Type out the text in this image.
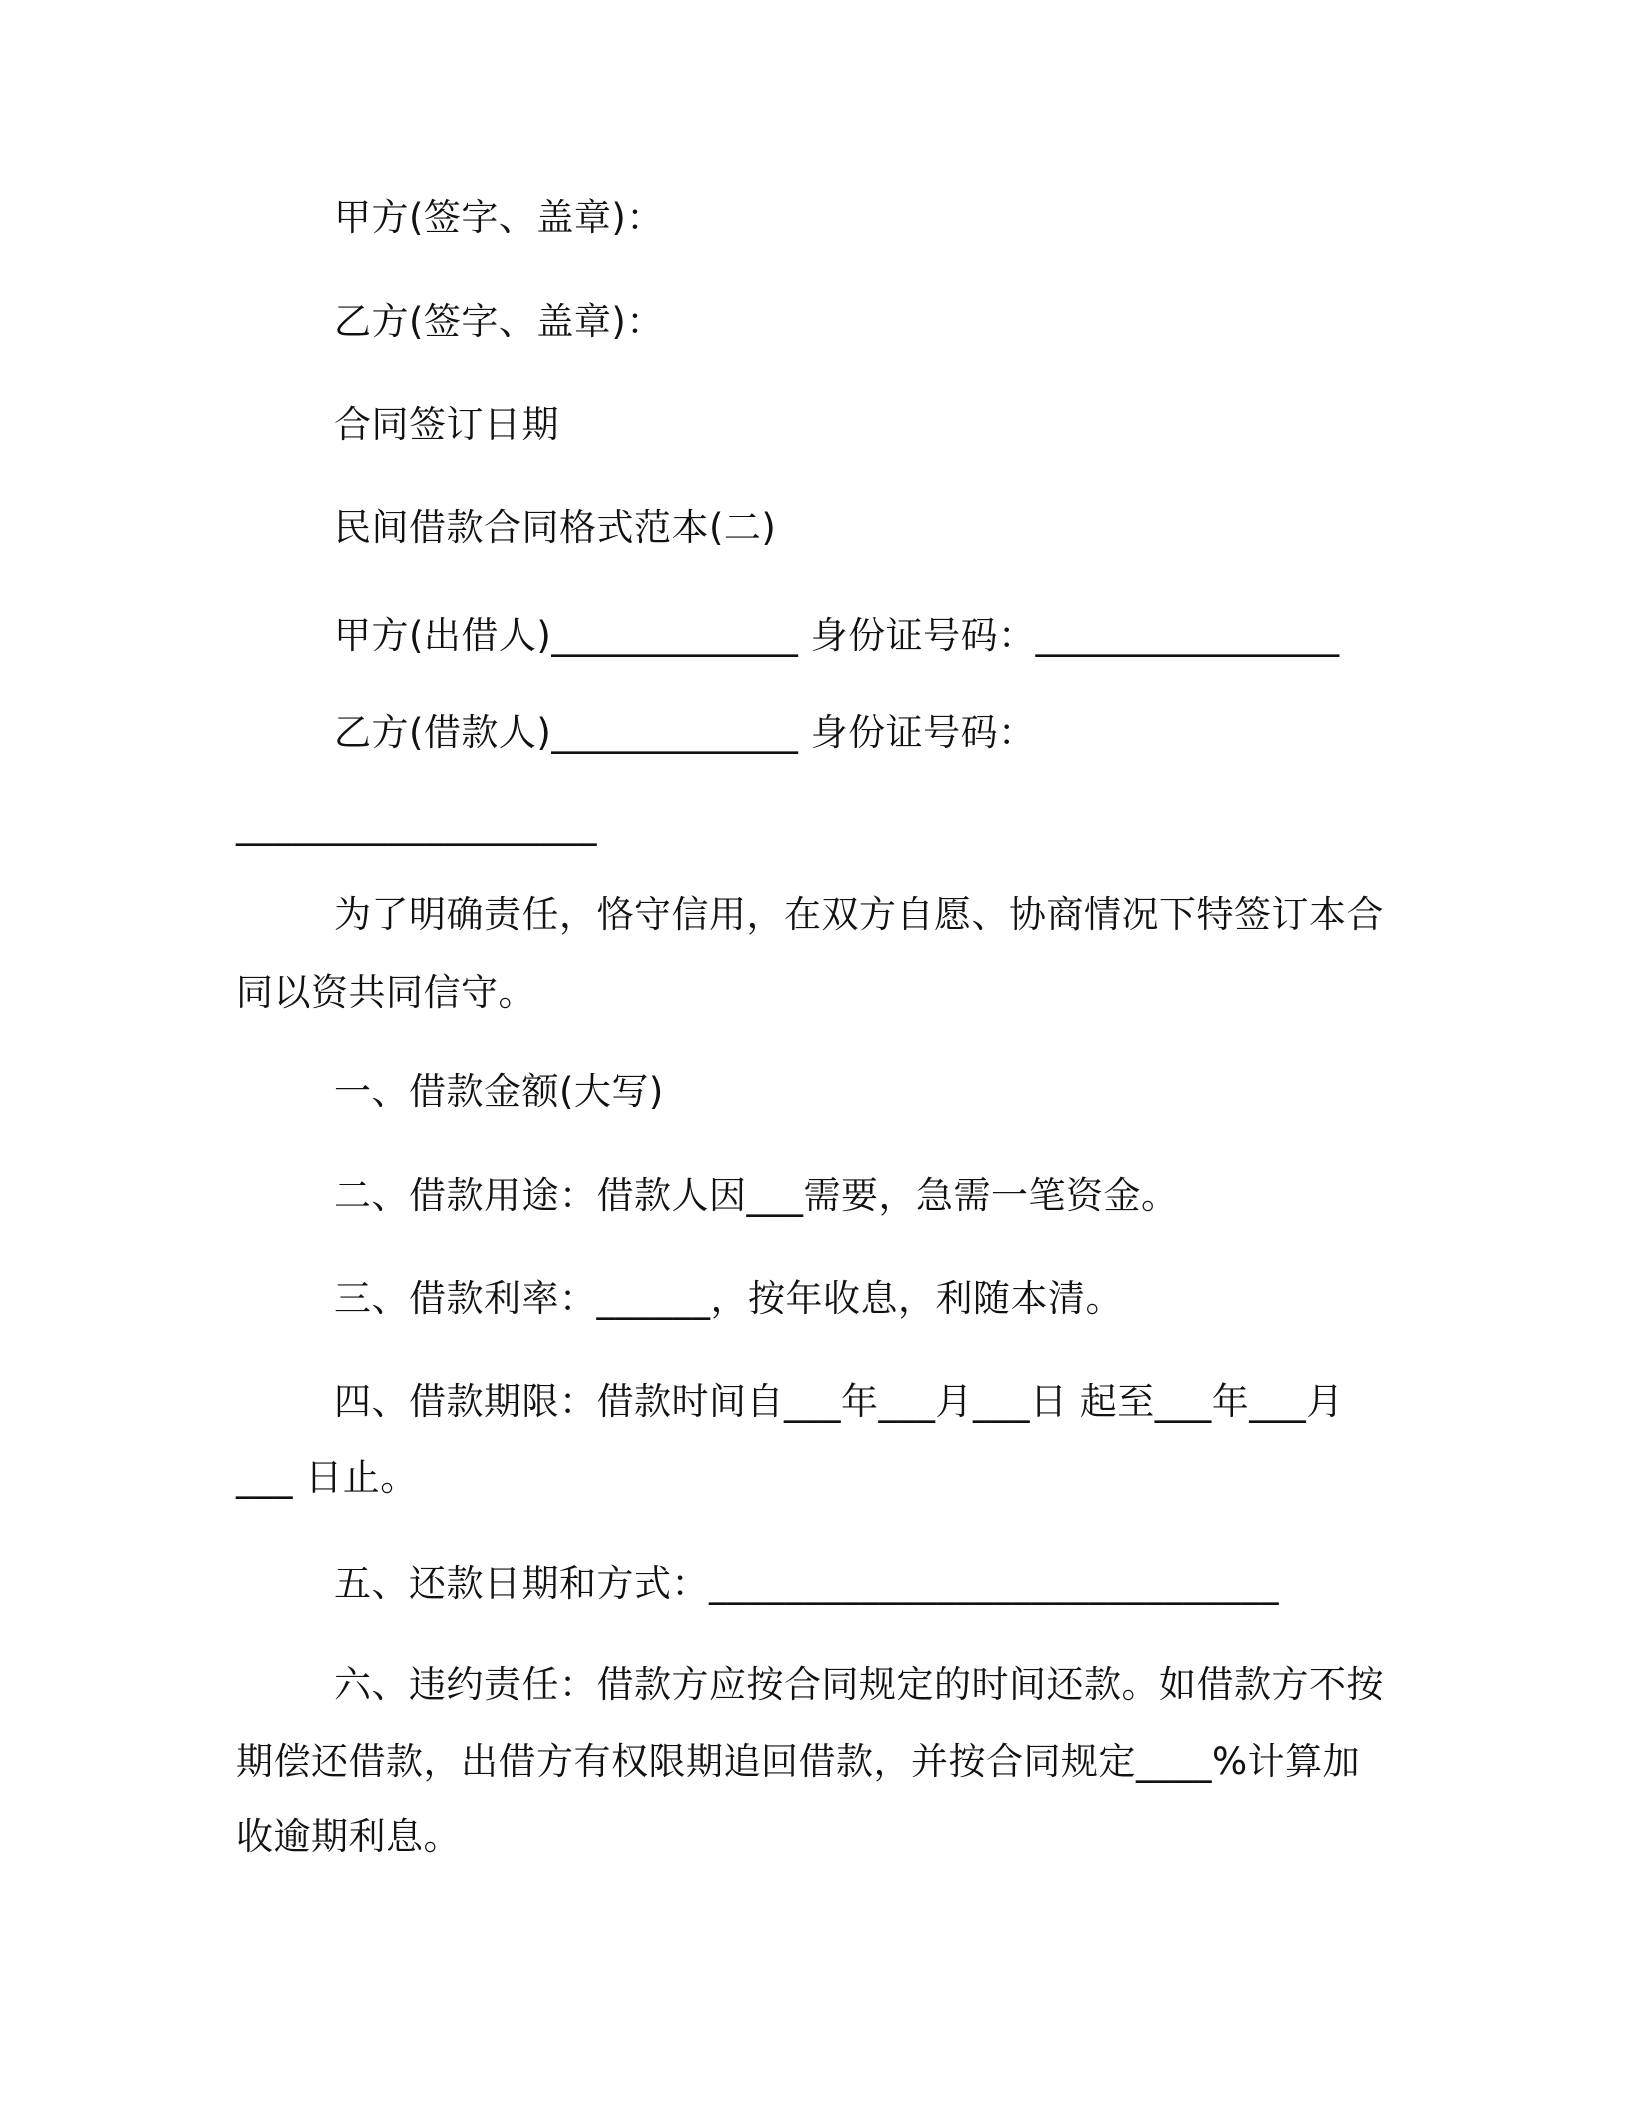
甲方(签字、盖章)：
乙方(签字、盖章)：
合同签订日期
民间借款合同格式范本(二)
甲方(出借人)_____________ 身份证号码：________________
乙方(借款人)_____________ 身份证号码：
___________________
为了明确责任，恪守信用，在双方自愿、协商情况下特签订本合
同以资共同信守。
一、借款金额(大写)
二、借款用途：借款人因___需要，急需一笔资金。
三、借款利率：______，按年收息，利随本清。
四、借款期限：借款时间自___年___月___日 起至___年___月
___ 日止。
五、还款日期和方式：______________________________
六、违约责任：借款方应按合同规定的时间还款。如借款方不按
期偿还借款，出借方有权限期追回借款，并按合同规定____%计算加
收逾期利息。
